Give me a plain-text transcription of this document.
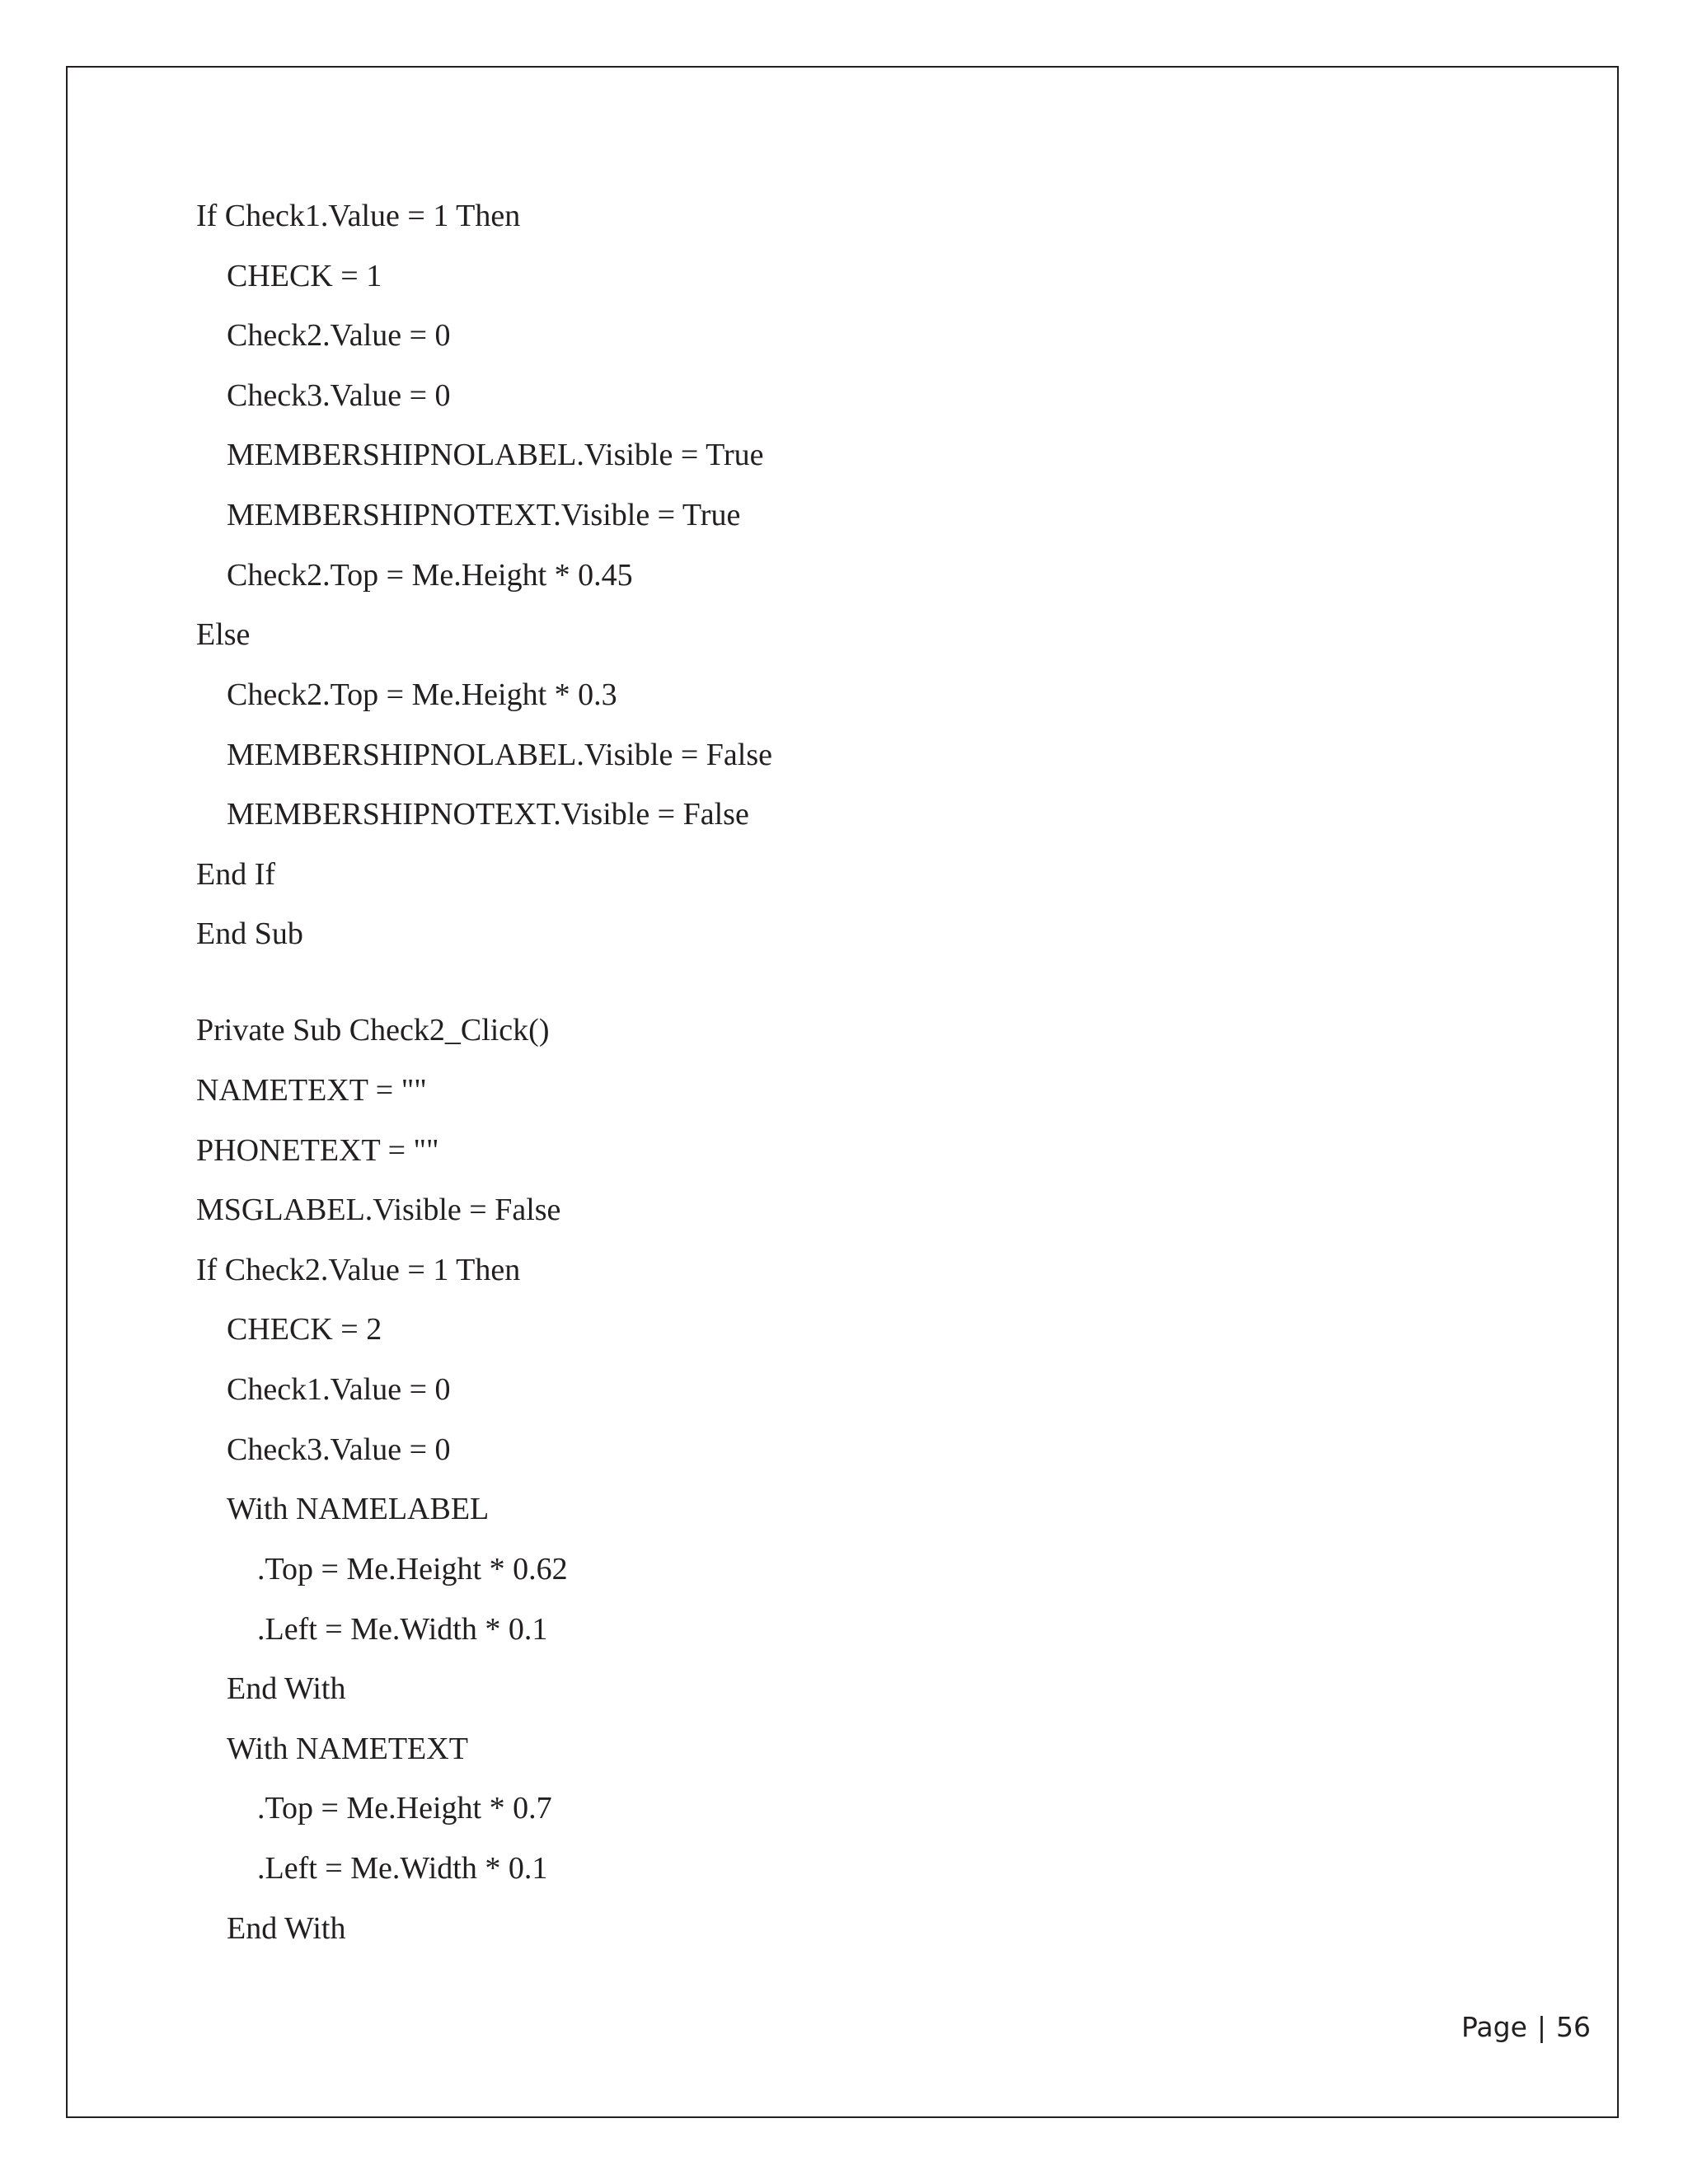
If Check1.Value = 1 Then
CHECK = 1
Check2.Value = 0
Check3.Value = 0
MEMBERSHIPNOLABEL.Visible = True
MEMBERSHIPNOTEXT.Visible = True
Check2.Top = Me.Height * 0.45
Else
Check2.Top = Me.Height * 0.3
MEMBERSHIPNOLABEL.Visible = False
MEMBERSHIPNOTEXT.Visible = False
End If
End Sub
Private Sub Check2_Click()
NAMETEXT = ""
PHONETEXT = ""
MSGLABEL.Visible = False
If Check2.Value = 1 Then
CHECK = 2
Check1.Value = 0
Check3.Value = 0
With NAMELABEL
.Top = Me.Height * 0.62
.Left = Me.Width * 0.1
End With
With NAMETEXT
.Top = Me.Height * 0.7
.Left = Me.Width * 0.1
End With
Page | 56
